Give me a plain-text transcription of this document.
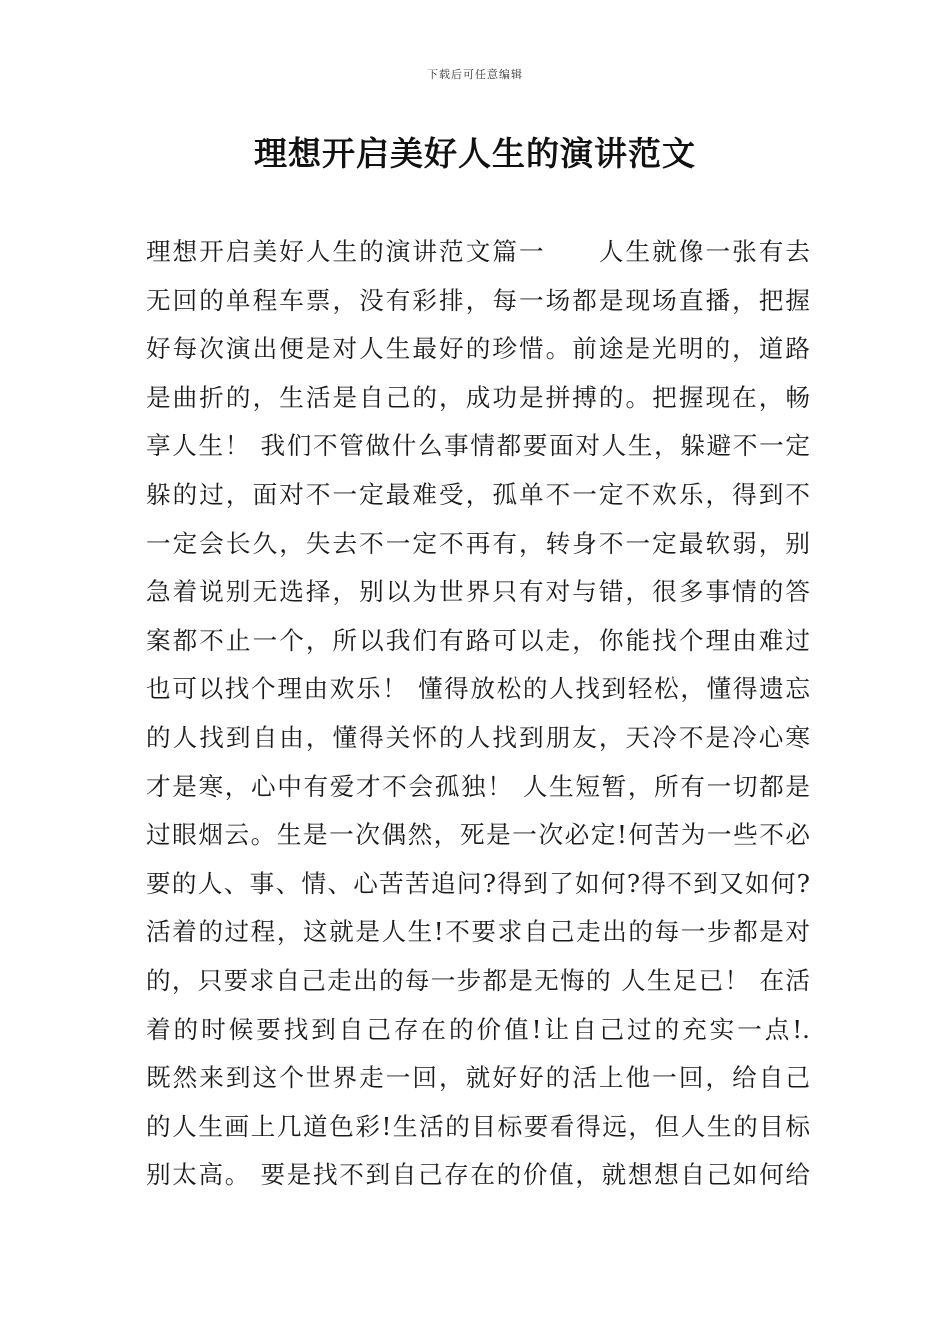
下载后可任意编辑
理想开启美好人生的演讲范文
理想开启美好人生的演讲范文篇一　　人生就像一张有去
无回的单程车票，没有彩排，每一场都是现场直播，把握
好每次演出便是对人生最好的珍惜。前途是光明的，道路
是曲折的，生活是自己的，成功是拼搏的。把握现在，畅
享人生！ 我们不管做什么事情都要面对人生，躲避不一定
躲的过，面对不一定最难受，孤单不一定不欢乐，得到不
一定会长久，失去不一定不再有，转身不一定最软弱，别
急着说别无选择，别以为世界只有对与错，很多事情的答
案都不止一个，所以我们有路可以走，你能找个理由难过
也可以找个理由欢乐！ 懂得放松的人找到轻松，懂得遗忘
的人找到自由，懂得关怀的人找到朋友，天冷不是冷心寒
才是寒，心中有爱才不会孤独！ 人生短暂，所有一切都是
过眼烟云。生是一次偶然，死是一次必定!何苦为一些不必
要的人、事、情、心苦苦追问?得到了如何?得不到又如何?
活着的过程，这就是人生!不要求自己走出的每一步都是对
的，只要求自己走出的每一步都是无悔的 人生足已！ 在活
着的时候要找到自己存在的价值!让自己过的充实一点!.
既然来到这个世界走一回，就好好的活上他一回，给自己
的人生画上几道色彩!生活的目标要看得远，但人生的目标
别太高。 要是找不到自己存在的价值，就想想自己如何给
